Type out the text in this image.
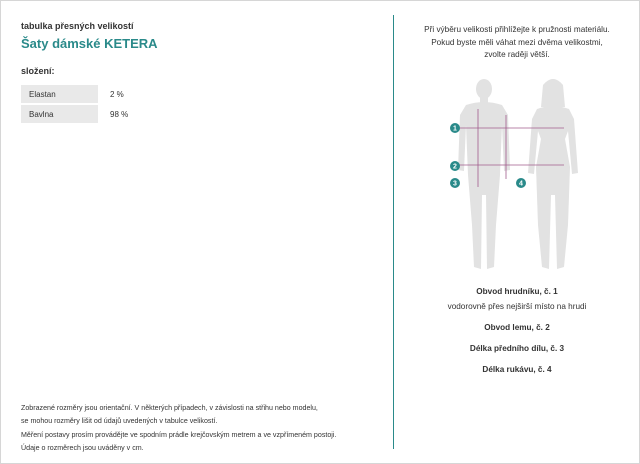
tabulka přesných velikostí
Šaty dámské KETERA
složení:
Elastan	2 %
Bavlna	98 %
Zobrazené rozměry jsou orientační. V některých případech, v závislosti na střihu nebo modelu,
se mohou rozměry lišit od údajů uvedených v tabulce velikostí.
Měření postavy prosím provádějte ve spodním prádle krejčovským metrem a ve vzpřímeném postoji.
Údaje o rozměrech jsou uváděny v cm.
Při výběru velikosti přihlížejte k pružnosti materiálu.
Pokud byste měli váhat mezi dvěma velikostmi,
zvolte raději větší.
1
2
3	4
Obvod hrudníku, č. 1
vodorovně přes nejširší místo na hrudi
Obvod lemu, č. 2
Délka předního dílu, č. 3
Délka rukávu, č. 4
